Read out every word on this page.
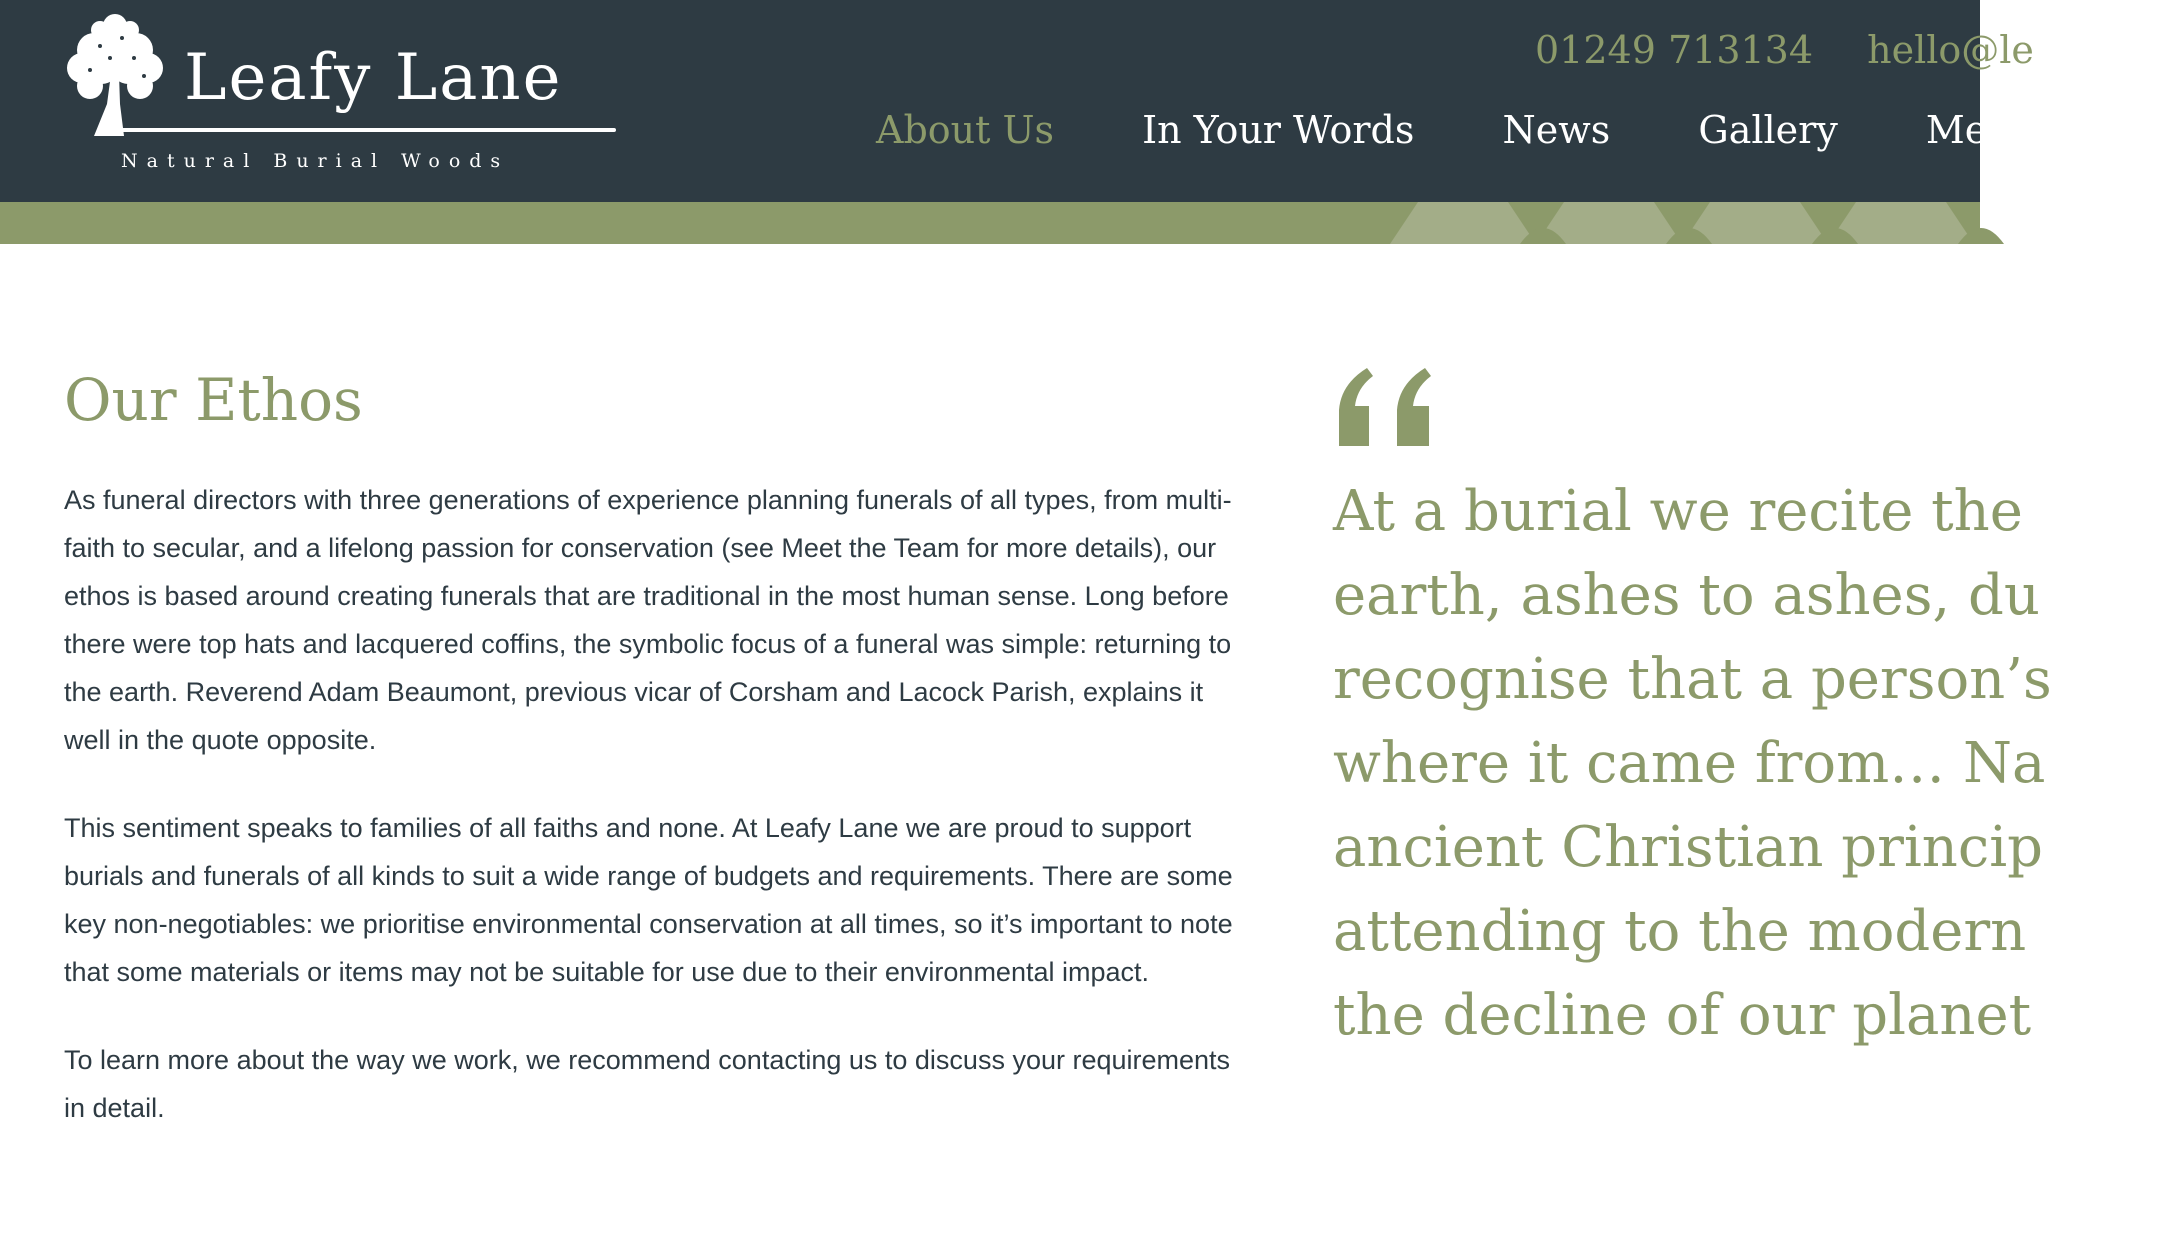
Leafy Lane
Natural Burial Woods
01249 713134 hello@le
About Us In Your Words News Gallery Meet the
Our Ethos

As funeral directors with three generations of experience planning funerals of all types, from multi-faith to secular, and a lifelong passion for conservation (see Meet the Team for more details), our ethos is based around creating funerals that are traditional in the most human sense. Long before there were top hats and lacquered coffins, the symbolic focus of a funeral was simple: returning to the earth. Reverend Adam Beaumont, previous vicar of Corsham and Lacock Parish, explains it well in the quote opposite.

This sentiment speaks to families of all faiths and none. At Leafy Lane we are proud to support burials and funerals of all kinds to suit a wide range of budgets and requirements. There are some key non-negotiables: we prioritise environmental conservation at all times, so it’s important to note that some materials or items may not be suitable for use due to their environmental impact.

To learn more about the way we work, we recommend contacting us to discuss your requirements in detail.

At a burial we recite the
earth, ashes to ashes, du
recognise that a person’s
where it came from… Na
ancient Christian princip
attending to the modern
the decline of our planet
